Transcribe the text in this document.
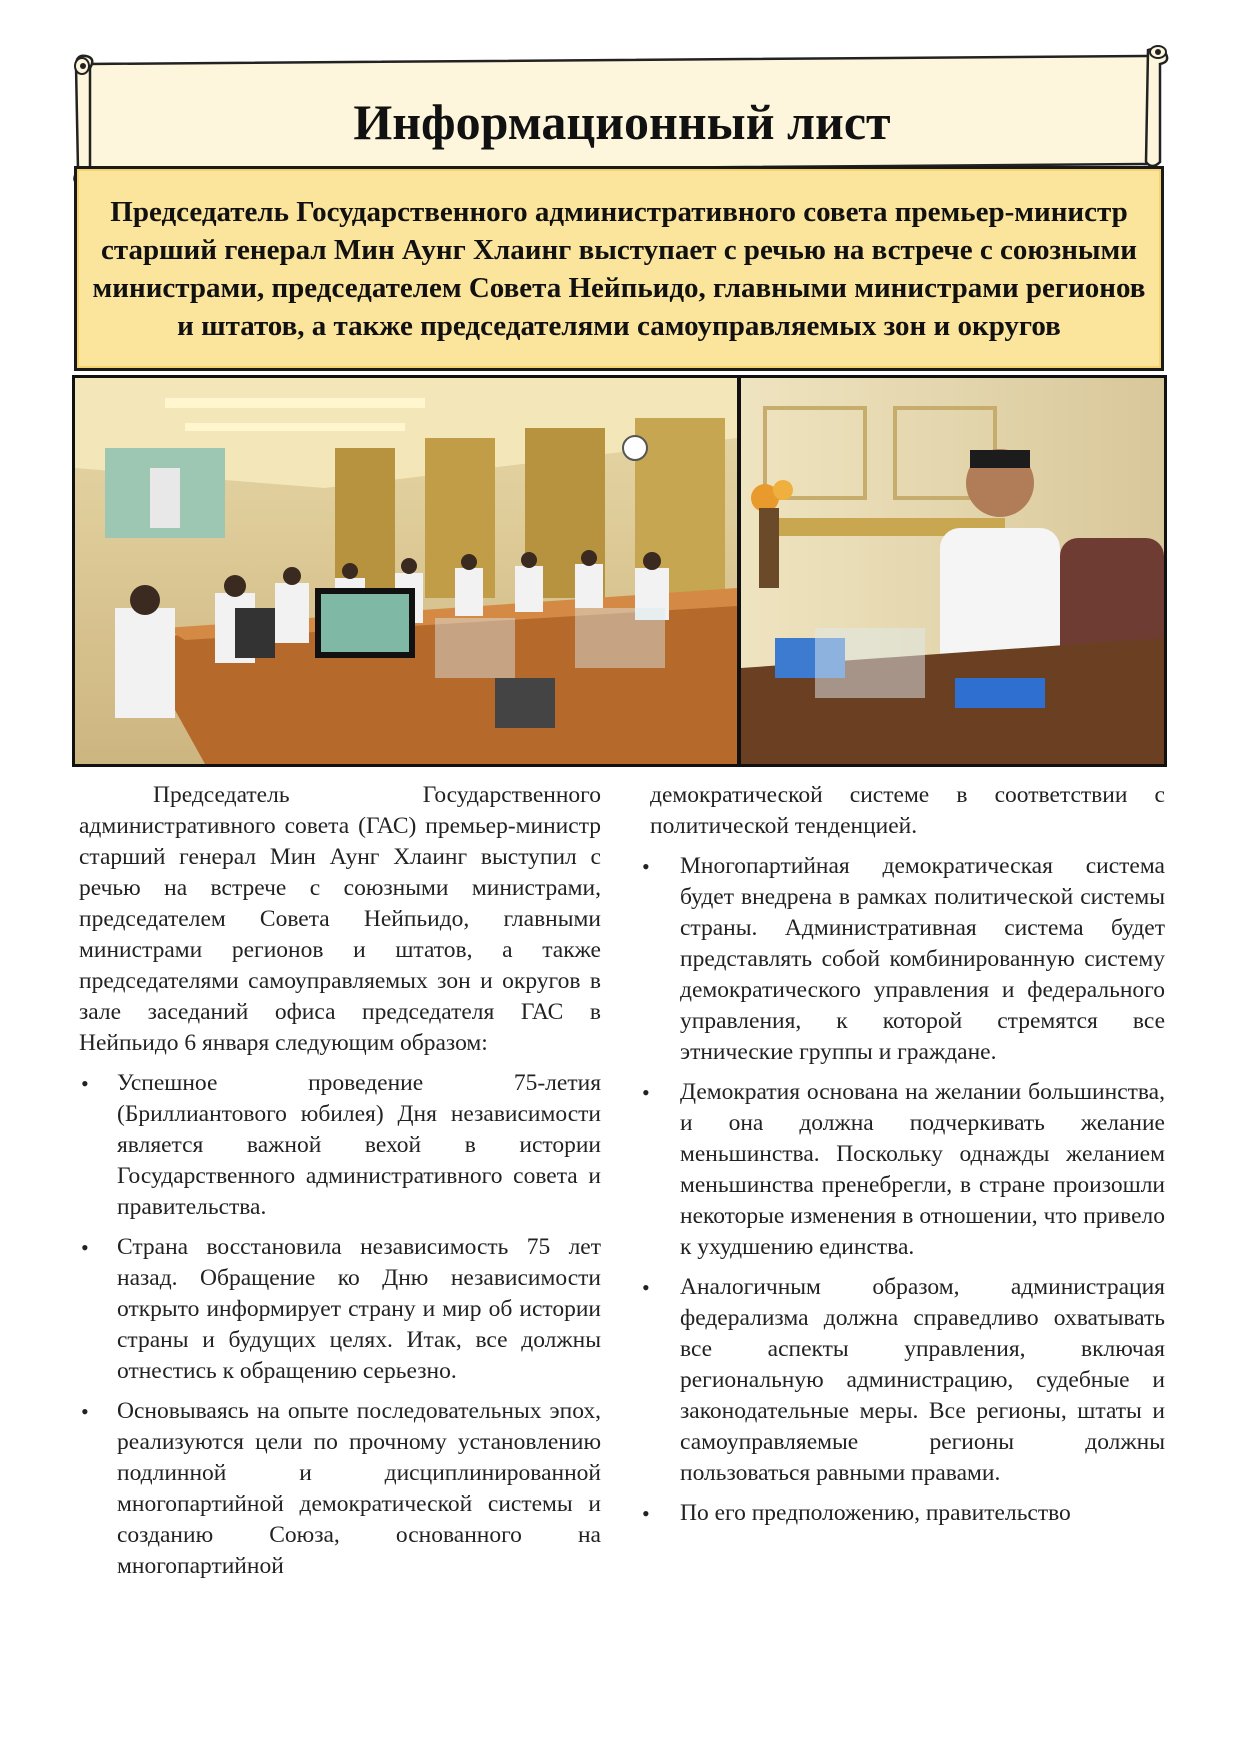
Информационный лист
Председатель Государственного административного совета премьер-министр старший генерал Мин Аунг Хлаинг выступает с речью на встрече с союзными министрами, председателем Совета Нейпьидо, главными министрами регионов и штатов, а также председателями самоуправляемых зон и округов

Председатель Государственного административного совета (ГАС) премьер-министр старший генерал Мин Аунг Хлаинг выступил с речью на встрече с союзными министрами, председателем Совета Нейпьидо, главными министрами регионов и штатов, а также председателями самоуправляемых зон и округов в зале заседаний офиса председателя ГАС в Нейпьидо 6 января следующим образом:

• Успешное проведение 75-летия (Бриллиантового юбилея) Дня независимости является важной вехой в истории Государственного административного совета и правительства.
• Страна восстановила независимость 75 лет назад. Обращение ко Дню независимости открыто информирует страну и мир об истории страны и будущих целях. Итак, все должны отнестись к обращению серьезно.
• Основываясь на опыте последовательных эпох, реализуются цели по прочному установлению подлинной и дисциплинированной многопартийной демократической системы и созданию Союза, основанного на многопартийной

демократической системе в соответствии с политической тенденцией.

• Многопартийная демократическая система будет внедрена в рамках политической системы страны. Административная система будет представлять собой комбинированную систему демократического управления и федерального управления, к которой стремятся все этнические группы и граждане.
• Демократия основана на желании большинства, и она должна подчеркивать желание меньшинства. Поскольку однажды желанием меньшинства пренебрегли, в стране произошли некоторые изменения в отношении, что привело к ухудшению единства.
• Аналогичным образом, администрация федерализма должна справедливо охватывать все аспекты управления, включая региональную администрацию, судебные и законодательные меры. Все регионы, штаты и самоуправляемые регионы должны пользоваться равными правами.
• По его предположению, правительство
